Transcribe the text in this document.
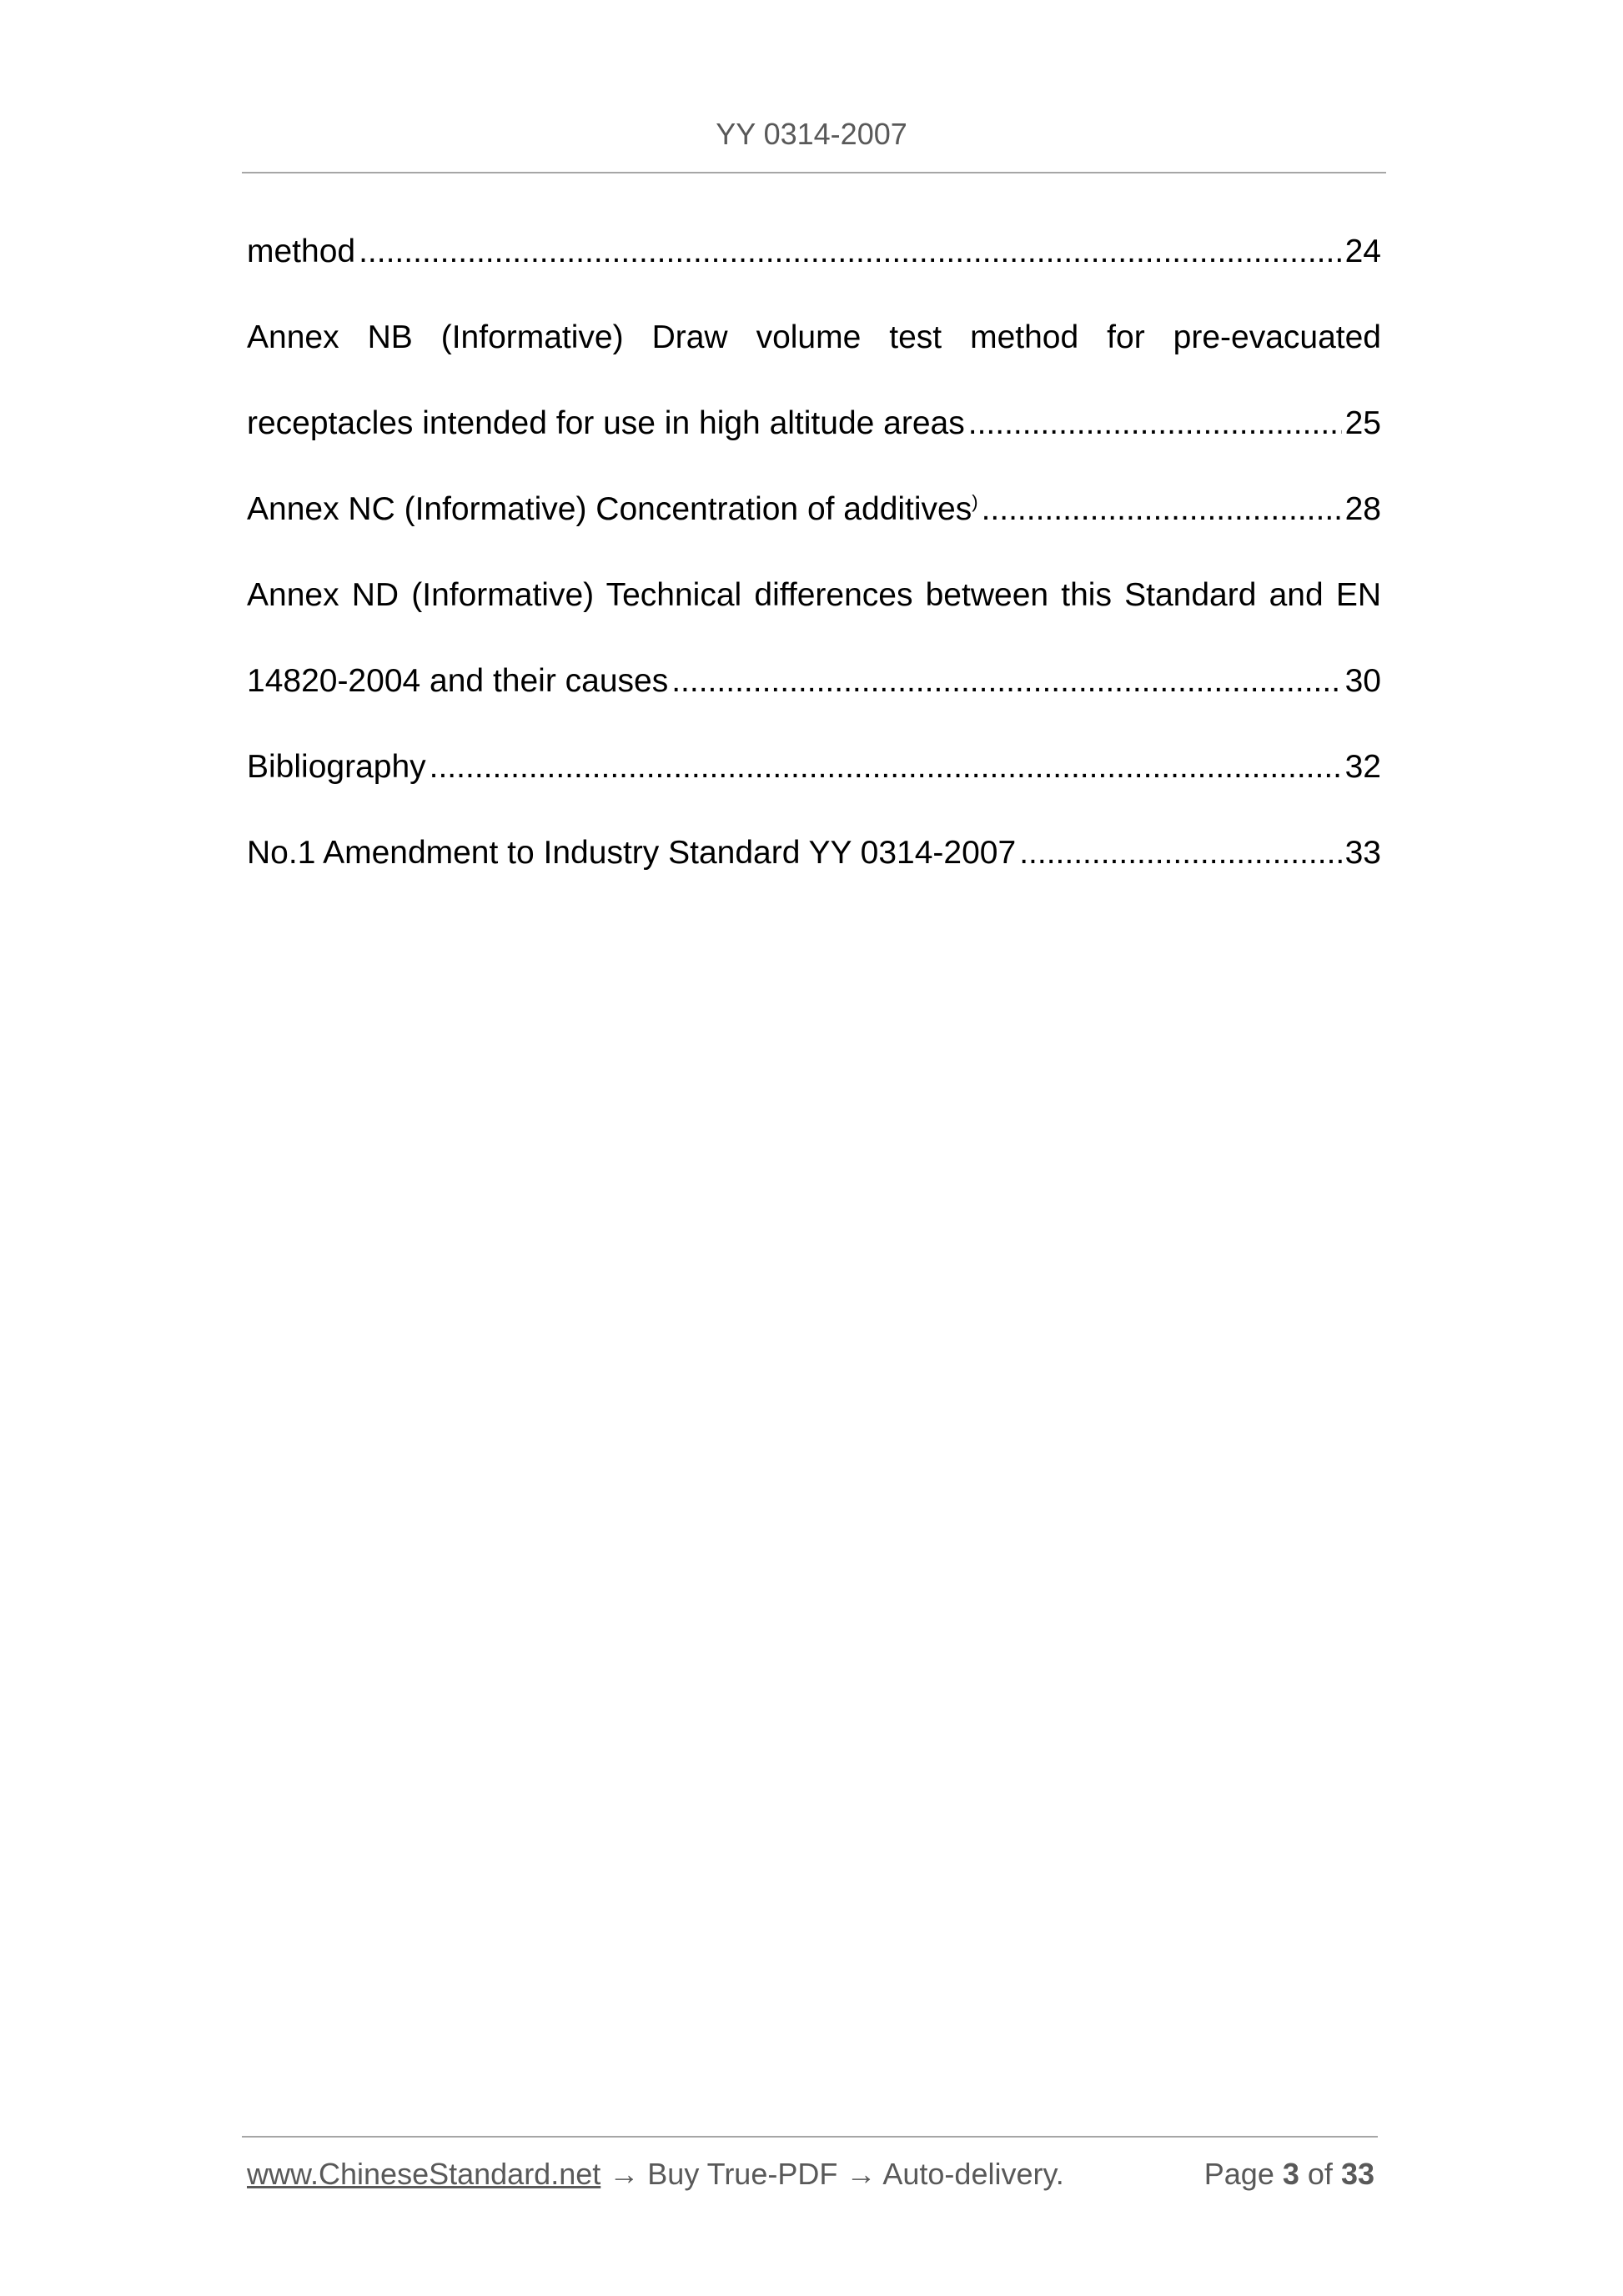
YY 0314-2007
method .....	24
Annex NB (Informative) Draw volume test method for pre-evacuated
receptacles intended for use in high altitude areas .....	25
Annex NC (Informative) Concentration of additives) .....	28
Annex ND (Informative) Technical differences between this Standard and EN
14820-2004 and their causes .....	30
Bibliography .....	32
No.1 Amendment to Industry Standard YY 0314-2007 .....	33
www.ChineseStandard.net → Buy True-PDF → Auto-delivery.	Page 3 of 33
